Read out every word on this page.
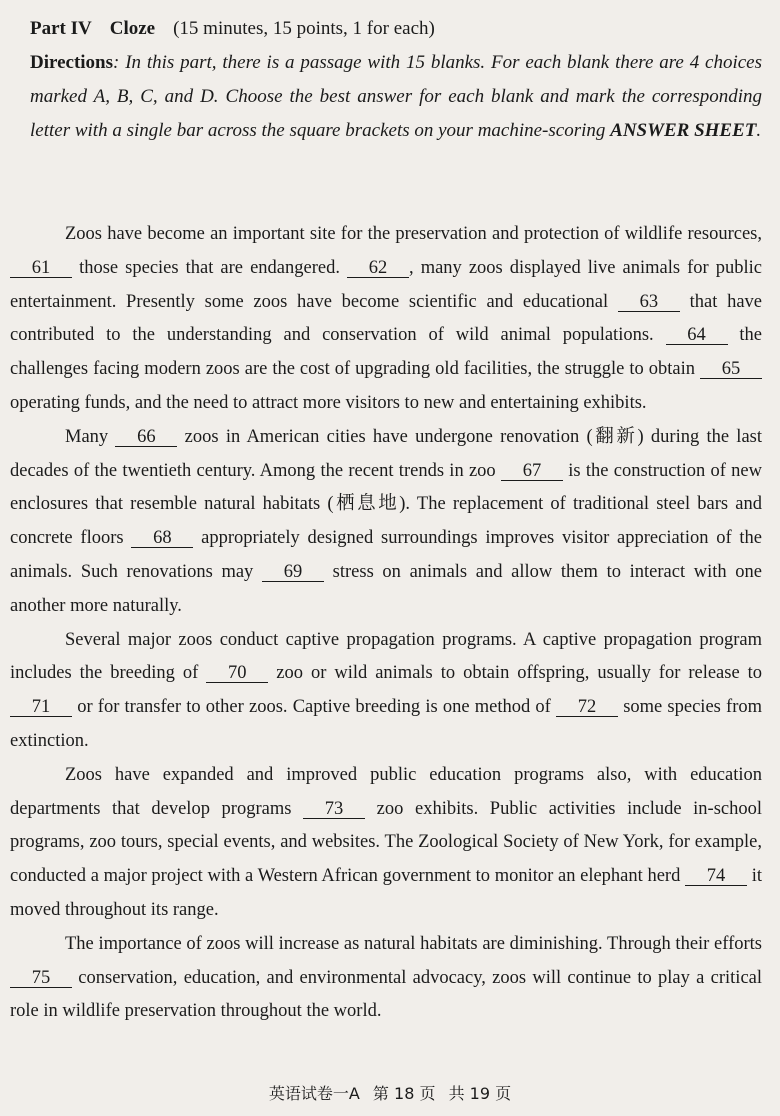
Part IV Cloze (15 minutes, 15 points, 1 for each)
Directions: In this part, there is a passage with 15 blanks. For each blank there are 4 choices marked A, B, C, and D. Choose the best answer for each blank and mark the corresponding letter with a single bar across the square brackets on your machine-scoring ANSWER SHEET.

Zoos have become an important site for the preservation and protection of wildlife resources, 61 those species that are endangered. 62 , many zoos displayed live animals for public entertainment. Presently some zoos have become scientific and educational 63 that have contributed to the understanding and conservation of wild animal populations. 64 the challenges facing modern zoos are the cost of upgrading old facilities, the struggle to obtain 65 operating funds, and the need to attract more visitors to new and entertaining exhibits.

Many 66 zoos in American cities have undergone renovation (翻新) during the last decades of the twentieth century. Among the recent trends in zoo 67 is the construction of new enclosures that resemble natural habitats (栖息地). The replacement of traditional steel bars and concrete floors 68 appropriately designed surroundings improves visitor appreciation of the animals. Such renovations may 69 stress on animals and allow them to interact with one another more naturally.

Several major zoos conduct captive propagation programs. A captive propagation program includes the breeding of 70 zoo or wild animals to obtain offspring, usually for release to 71 or for transfer to other zoos. Captive breeding is one method of 72 some species from extinction.

Zoos have expanded and improved public education programs also, with education departments that develop programs 73 zoo exhibits. Public activities include in-school programs, zoo tours, special events, and websites. The Zoological Society of New York, for example, conducted a major project with a Western African government to monitor an elephant herd 74 it moved throughout its range.

The importance of zoos will increase as natural habitats are diminishing. Through their efforts 75 conservation, education, and environmental advocacy, zoos will continue to play a critical role in wildlife preservation throughout the world.

英语试卷一A 第 18 页 共 19 页
